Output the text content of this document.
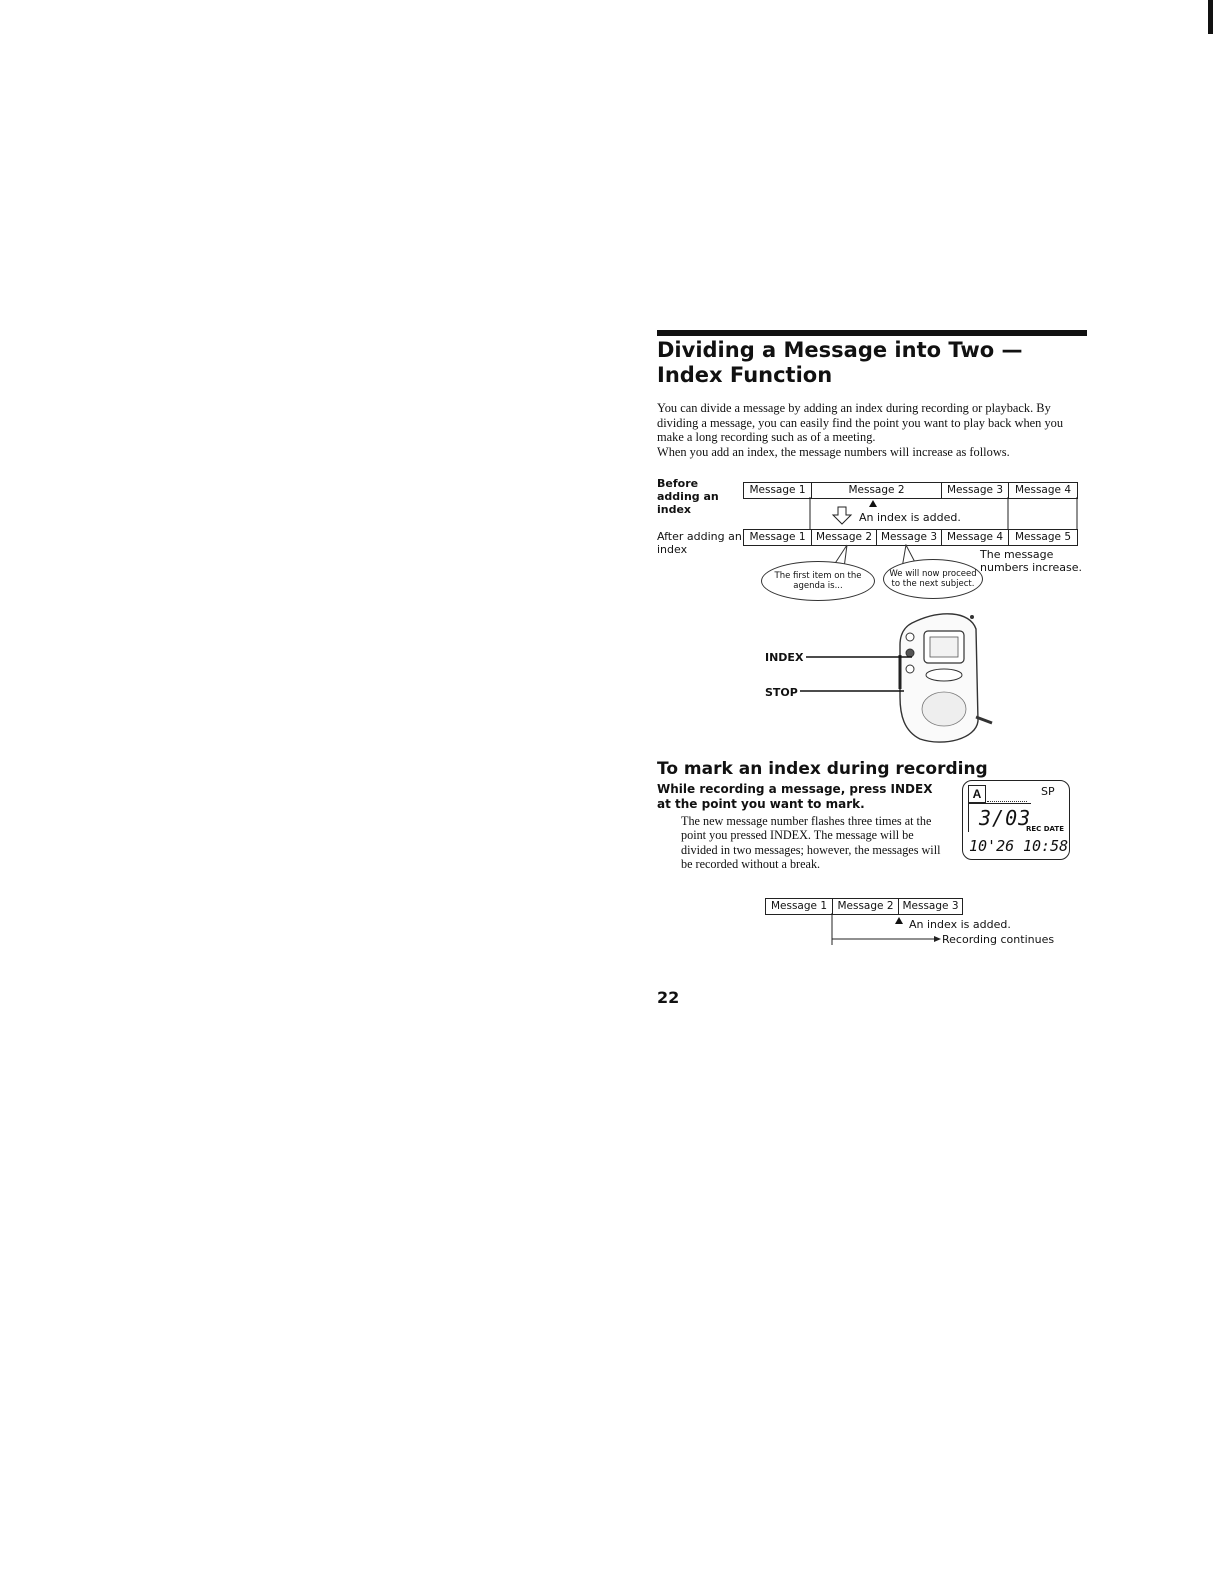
Dividing a Message into Two — Index Function

You can divide a message by adding an index during recording or playback. By dividing a message, you can easily find the point you want to play back when you make a long recording such as of a meeting.

When you add an index, the message numbers will increase as follows.

Before adding an index
Message 1	Message 2	Message 3	Message 4
An index is added.
After adding an index
Message 1 Message 2 Message 3 Message 4	Message 5
The first item on the agenda is...
We will now proceed to the next subject.
The message numbers increase.
INDEX
STOP
To mark an index during recording
While recording a message, press INDEX at the point you want to mark.
The new message number flashes three times at the point you pressed INDEX. The message will be divided in two messages; however, the messages will be recorded without a break.
A	SP
3/03
REC DATE
10'26 10:58
Message 1 Message 2 Message 3
An index is added.
Recording continues
22
